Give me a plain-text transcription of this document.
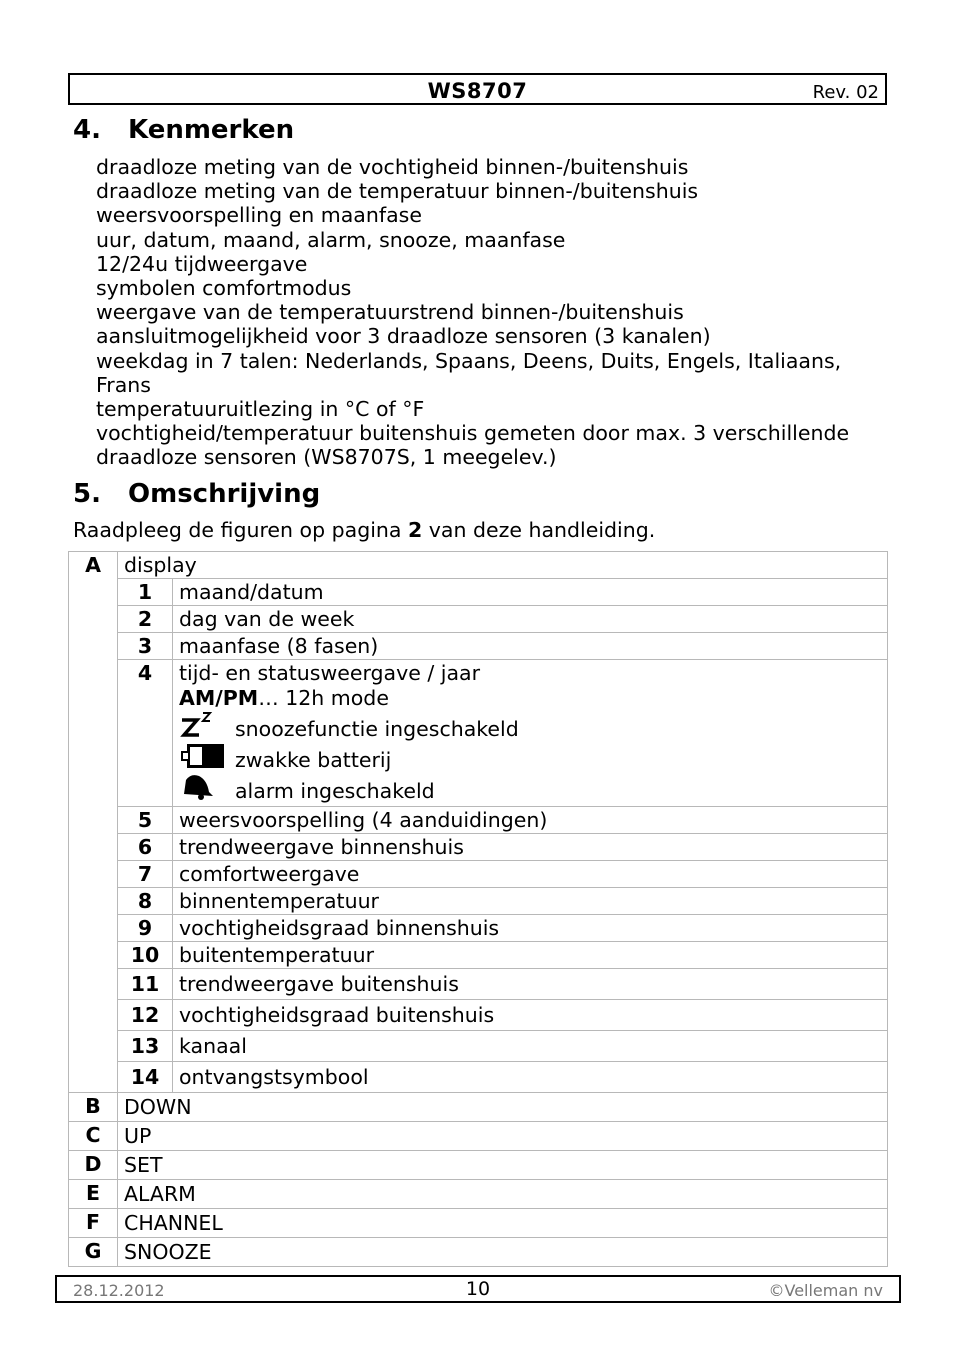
WS8707	Rev. 02
4. Kenmerken
draadloze meting van de vochtigheid binnen-/buitenshuis
draadloze meting van de temperatuur binnen-/buitenshuis
weersvoorspelling en maanfase
uur, datum, maand, alarm, snooze, maanfase
12/24u tijdweergave
symbolen comfortmodus
weergave van de temperatuurstrend binnen-/buitenshuis
aansluitmogelijkheid voor 3 draadloze sensoren (3 kanalen)
weekdag in 7 talen: Nederlands, Spaans, Deens, Duits, Engels, Italiaans, Frans
temperatuuruitlezing in °C of °F
vochtigheid/temperatuur buitenshuis gemeten door max. 3 verschillende draadloze sensoren (WS8707S, 1 meegelev.)
5. Omschrijving

Raadpleeg de figuren op pagina 2 van deze handleiding.

A	display	
	1	maand/datum
	2	dag van de week
	3	maanfase (8 fasen)
	4	tijd- en statusweergave / jaar
AM/PM… 12h mode
snoozefunctie ingeschakeld
zwakke batterij
alarm ingeschakeld

	5	weersvoorspelling (4 aanduidingen)
	6	trendweergave binnenshuis
	7	comfortweergave
	8	binnentemperatuur
	9	vochtigheidsgraad binnenshuis
	10	buitentemperatuur
	11	trendweergave buitenshuis
	12	vochtigheidsgraad buitenshuis
	13	kanaal
	14	ontvangstsymbool
B	DOWN	
C	UP	
D	SET	
E	ALARM	
F	CHANNEL	
G	SNOOZE	
28.12.2012	10	©Velleman nv
